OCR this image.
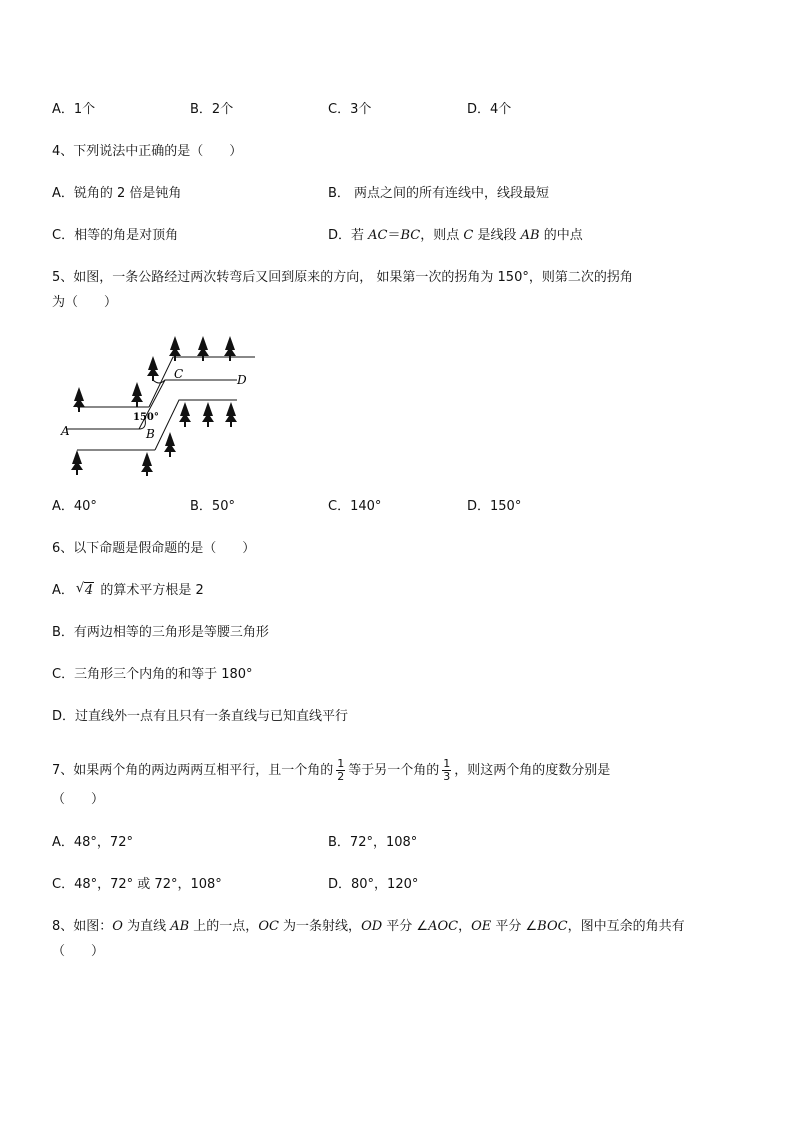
A．1个	B．2个	C．3个	D．4个
4、下列说法中正确的是（　　）
A．锐角的 2 倍是钝角	B． 两点之间的所有连线中，线段最短
C．相等的角是对顶角	D．若 AC＝BC，则点 C 是线段 AB 的中点
5、如图，一条公路经过两次转弯后又回到原来的方向， 如果第一次的拐角为 150°，则第二次的拐角
为（　　）
A	B
C	D
150°
A．40°	B．50°	C．140°	D．150°
6、以下命题是假命题的是（　　）
A． √ 4 的算术平方根是 2
B．有两边相等的三角形是等腰三角形
C．三角形三个内角的和等于 180°
D．过直线外一点有且只有一条直线与已知直线平行
7、如果两个角的两边两两互相平行，且一个角的 $\frac{1}{2}$ 等于另一个角的 $\frac{1}{3}$ ，则这两个角的度数分别是
（　　）
A．48°，72°	B．72°，108°
C．48°，72° 或 72°，108°	D．80°，120°
8、如图：O 为直线 AB 上的一点，OC 为一条射线，OD 平分 ∠AOC，OE 平分 ∠BOC，图中互余的角共有
（　　）
